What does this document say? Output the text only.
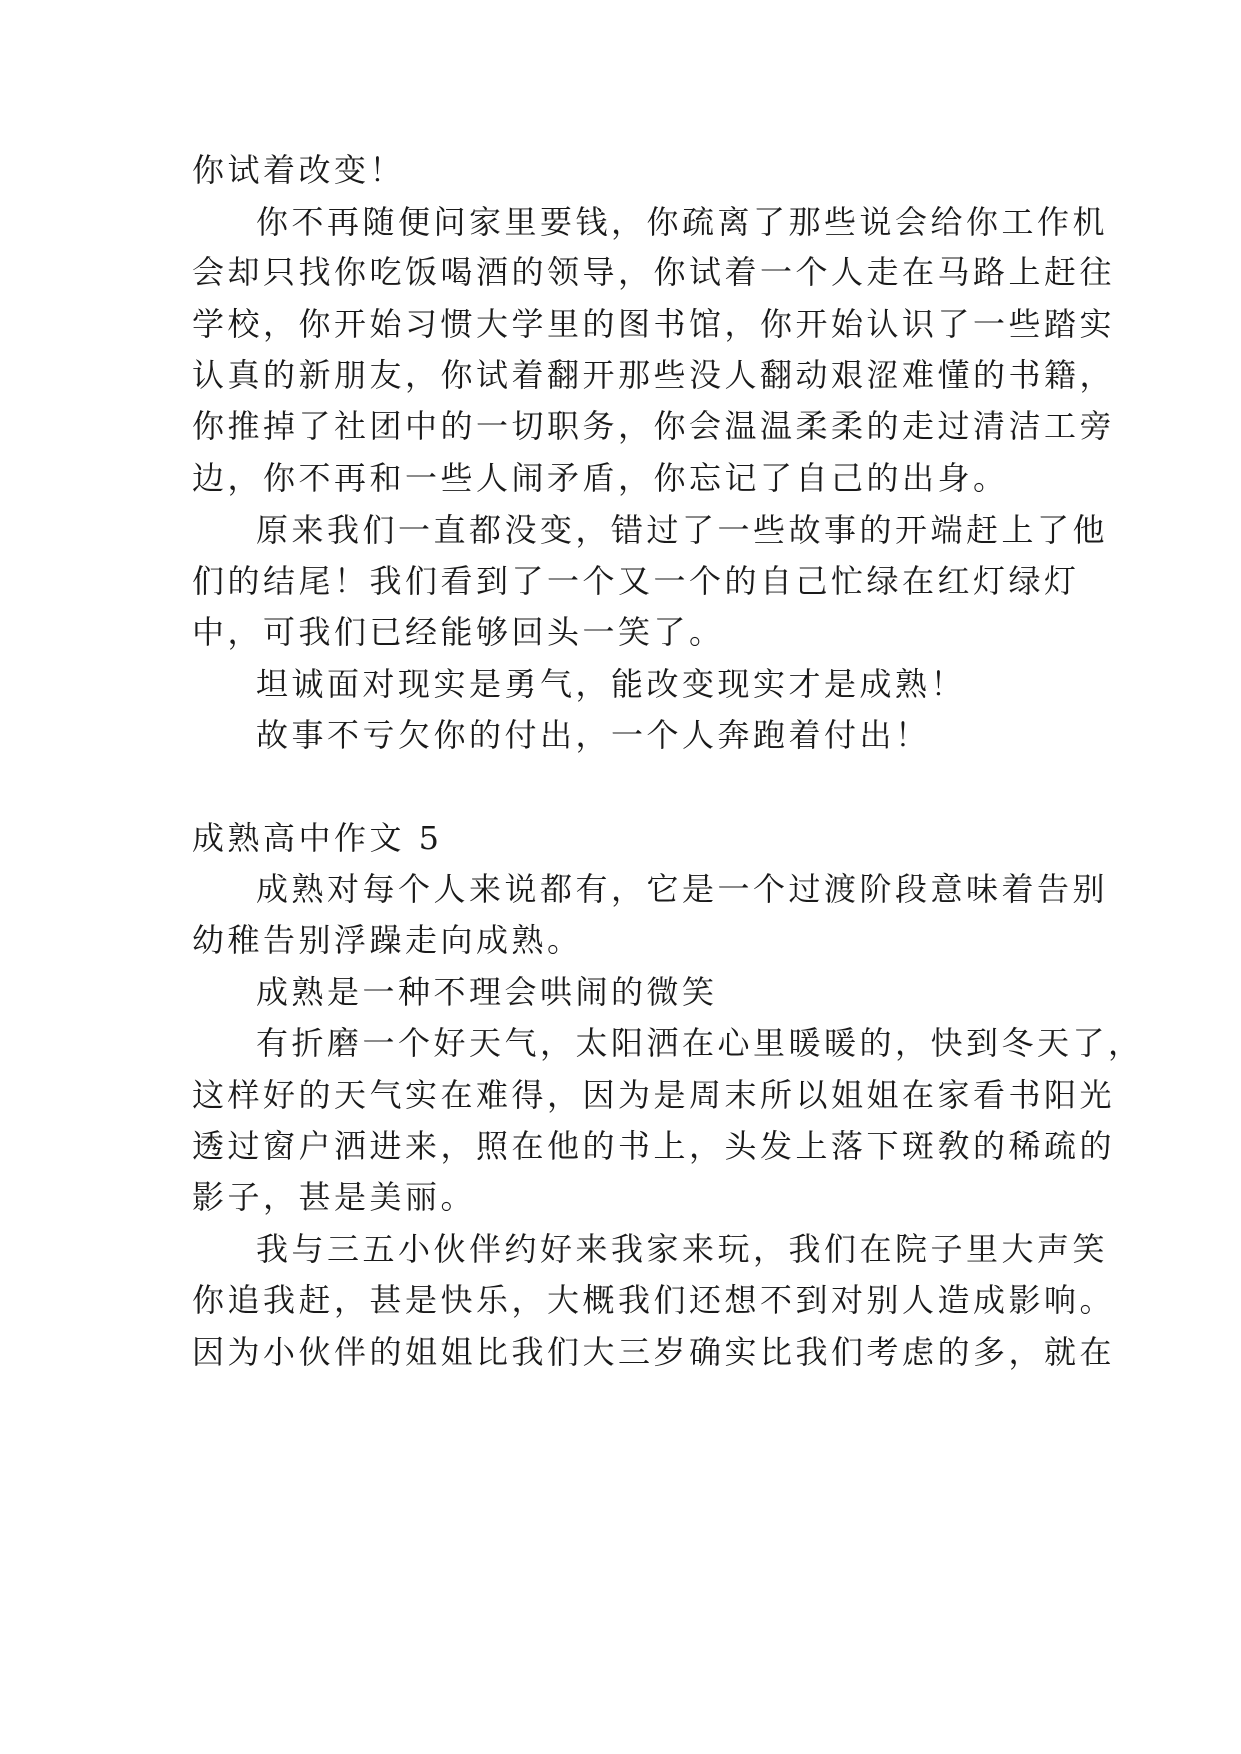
你试着改变！

你不再随便问家里要钱，你疏离了那些说会给你工作机

会却只找你吃饭喝酒的领导，你试着一个人走在马路上赶往

学校，你开始习惯大学里的图书馆，你开始认识了一些踏实

认真的新朋友，你试着翻开那些没人翻动艰涩难懂的书籍，

你推掉了社团中的一切职务，你会温温柔柔的走过清洁工旁

边，你不再和一些人闹矛盾，你忘记了自己的出身。

原来我们一直都没变，错过了一些故事的开端赶上了他

们的结尾！我们看到了一个又一个的自己忙绿在红灯绿灯

中，可我们已经能够回头一笑了。

坦诚面对现实是勇气，能改变现实才是成熟！

故事不亏欠你的付出，一个人奔跑着付出！

成熟高中作文 5

成熟对每个人来说都有，它是一个过渡阶段意味着告别

幼稚告别浮躁走向成熟。

成熟是一种不理会哄闹的微笑

有折磨一个好天气，太阳洒在心里暖暖的，快到冬天了，

这样好的天气实在难得，因为是周末所以姐姐在家看书阳光

透过窗户洒进来，照在他的书上，头发上落下斑敎的稀疏的

影子，甚是美丽。

我与三五小伙伴约好来我家来玩，我们在院子里大声笑

你追我赶，甚是快乐，大概我们还想不到对别人造成影响。

因为小伙伴的姐姐比我们大三岁确实比我们考虑的多，就在
